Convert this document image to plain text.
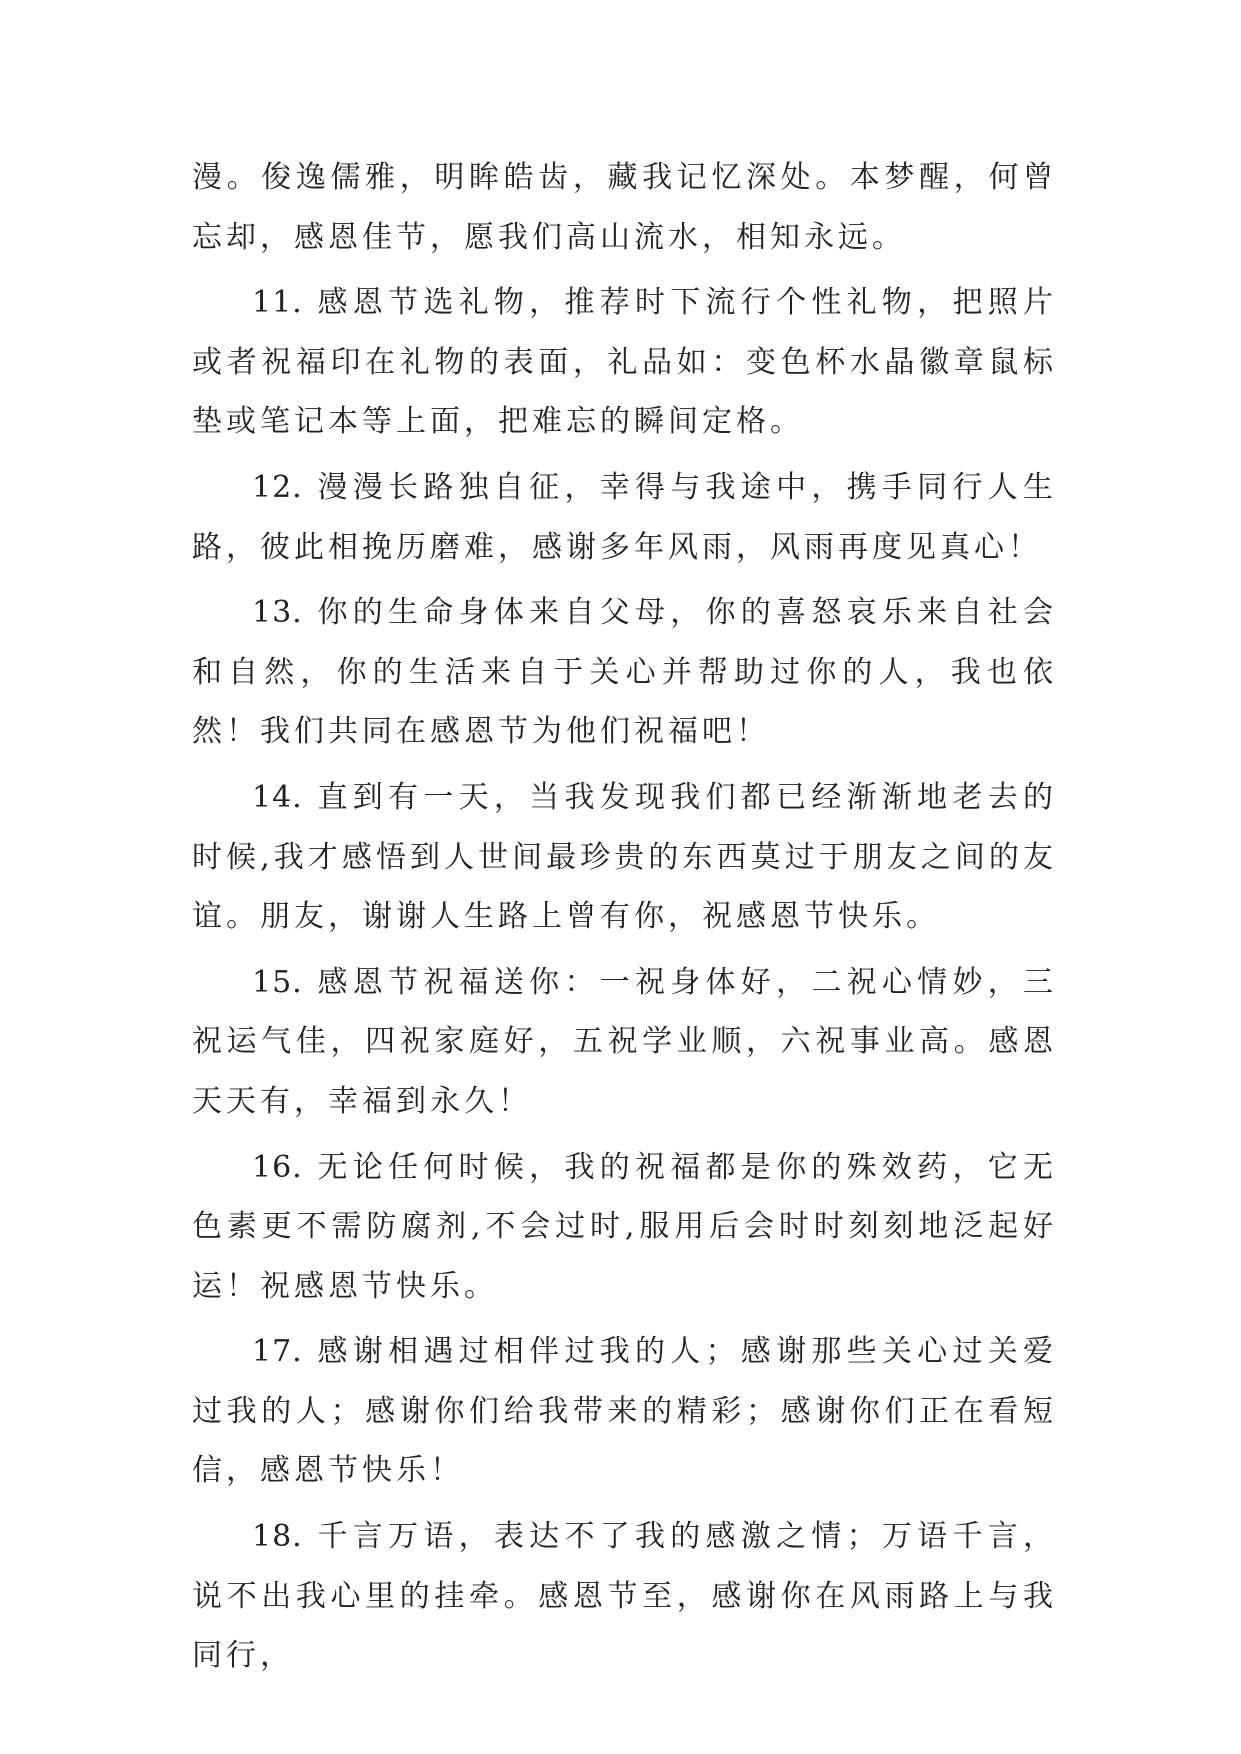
漫。俊逸儒雅，明眸皓齿，藏我记忆深处。本梦醒，何曾忘却，感恩佳节，愿我们高山流水，相知永远。

11. 感恩节选礼物，推荐时下流行个性礼物，把照片或者祝福印在礼物的表面，礼品如：变色杯水晶徽章鼠标垫或笔记本等上面，把难忘的瞬间定格。

12. 漫漫长路独自征，幸得与我途中，携手同行人生路，彼此相挽历磨难，感谢多年风雨，风雨再度见真心！

13. 你的生命身体来自父母，你的喜怒哀乐来自社会和自然，你的生活来自于关心并帮助过你的人，我也依然！我们共同在感恩节为他们祝福吧！

14. 直到有一天，当我发现我们都已经渐渐地老去的时候,我才感悟到人世间最珍贵的东西莫过于朋友之间的友谊。朋友，谢谢人生路上曾有你，祝感恩节快乐。

15. 感恩节祝福送你：一祝身体好，二祝心情妙，三祝运气佳，四祝家庭好，五祝学业顺，六祝事业高。感恩天天有，幸福到永久！

16. 无论任何时候，我的祝福都是你的殊效药，它无色素更不需防腐剂,不会过时,服用后会时时刻刻地泛起好运！祝感恩节快乐。

17. 感谢相遇过相伴过我的人；感谢那些关心过关爱过我的人；感谢你们给我带来的精彩；感谢你们正在看短信，感恩节快乐！

18. 千言万语，表达不了我的感激之情；万语千言，说不出我心里的挂牵。感恩节至，感谢你在风雨路上与我同行，
